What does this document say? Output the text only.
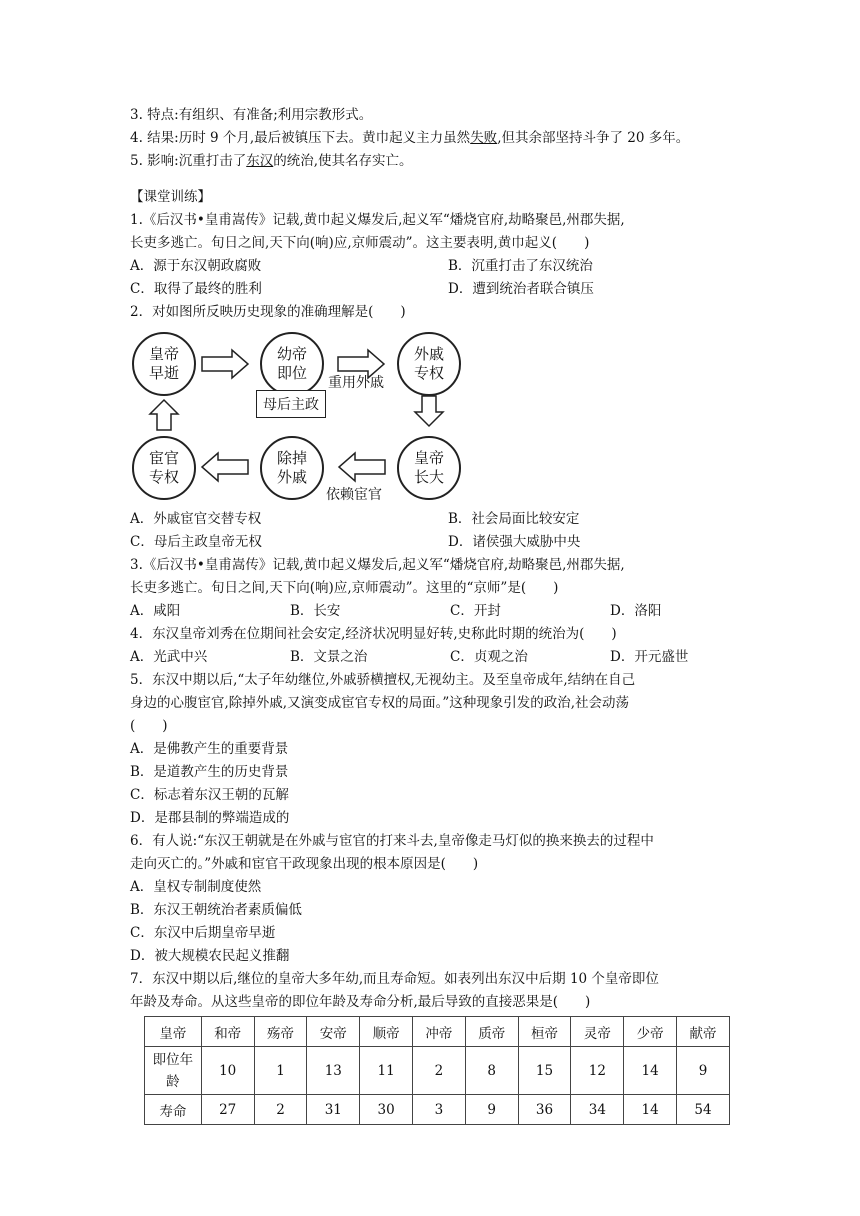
3. 特点:有组织、有准备;利用宗教形式。
4. 结果:历时 9 个月,最后被镇压下去。黄巾起义主力虽然失败,但其余部坚持斗争了 20 多年。
5. 影响:沉重打击了东汉的统治,使其名存实亡。
【课堂训练】
1.《后汉书•皇甫嵩传》记载,黄巾起义爆发后,起义军“燔烧官府,劫略聚邑,州郡失据,
长吏多逃亡。旬日之间,天下向(响)应,京师震动”。这主要表明,黄巾起义(　　)
A．源于东汉朝政腐败	B．沉重打击了东汉统治
C．取得了最终的胜利	D．遭到统治者联合镇压
2．对如图所反映历史现象的准确理解是(　　)
皇帝
早逝
幼帝
即位
外戚
专权
皇帝
长大
除掉
外戚
宦官
专权
重用外戚
母后主政
依赖宦官
A．外戚宦官交替专权	B．社会局面比较安定
C．母后主政皇帝无权	D．诸侯强大威胁中央
3.《后汉书•皇甫嵩传》记载,黄巾起义爆发后,起义军“燔烧官府,劫略聚邑,州郡失据,
长吏多逃亡。旬日之间,天下向(响)应,京师震动”。这里的“京师”是(　　)
A．咸阳	B．长安	C．开封	D．洛阳
4．东汉皇帝刘秀在位期间社会安定,经济状况明显好转,史称此时期的统治为(　　)
A．光武中兴	B．文景之治	C．贞观之治	D．开元盛世
5．东汉中期以后,“太子年幼继位,外戚骄横擅权,无视幼主。及至皇帝成年,结纳在自己
身边的心腹宦官,除掉外戚,又演变成宦官专权的局面。”这种现象引发的政治,社会动荡
(　　)
A．是佛教产生的重要背景
B．是道教产生的历史背景
C．标志着东汉王朝的瓦解
D．是郡县制的弊端造成的
6．有人说:“东汉王朝就是在外戚与宦官的打来斗去,皇帝像走马灯似的换来换去的过程中
走向灭亡的。”外戚和宦官干政现象出现的根本原因是(　　)
A．皇权专制制度使然
B．东汉王朝统治者素质偏低
C．东汉中后期皇帝早逝
D．被大规模农民起义推翻
7．东汉中期以后,继位的皇帝大多年幼,而且寿命短。如表列出东汉中后期 10 个皇帝即位
年龄及寿命。从这些皇帝的即位年龄及寿命分析,最后导致的直接恶果是(　　)
皇帝	和帝	殇帝	安帝	顺帝	冲帝	质帝	桓帝	灵帝	少帝	献帝
即位年
龄	10	1	13	11	2	8	15	12	14	9
寿命	27	2	31	30	3	9	36	34	14	54
